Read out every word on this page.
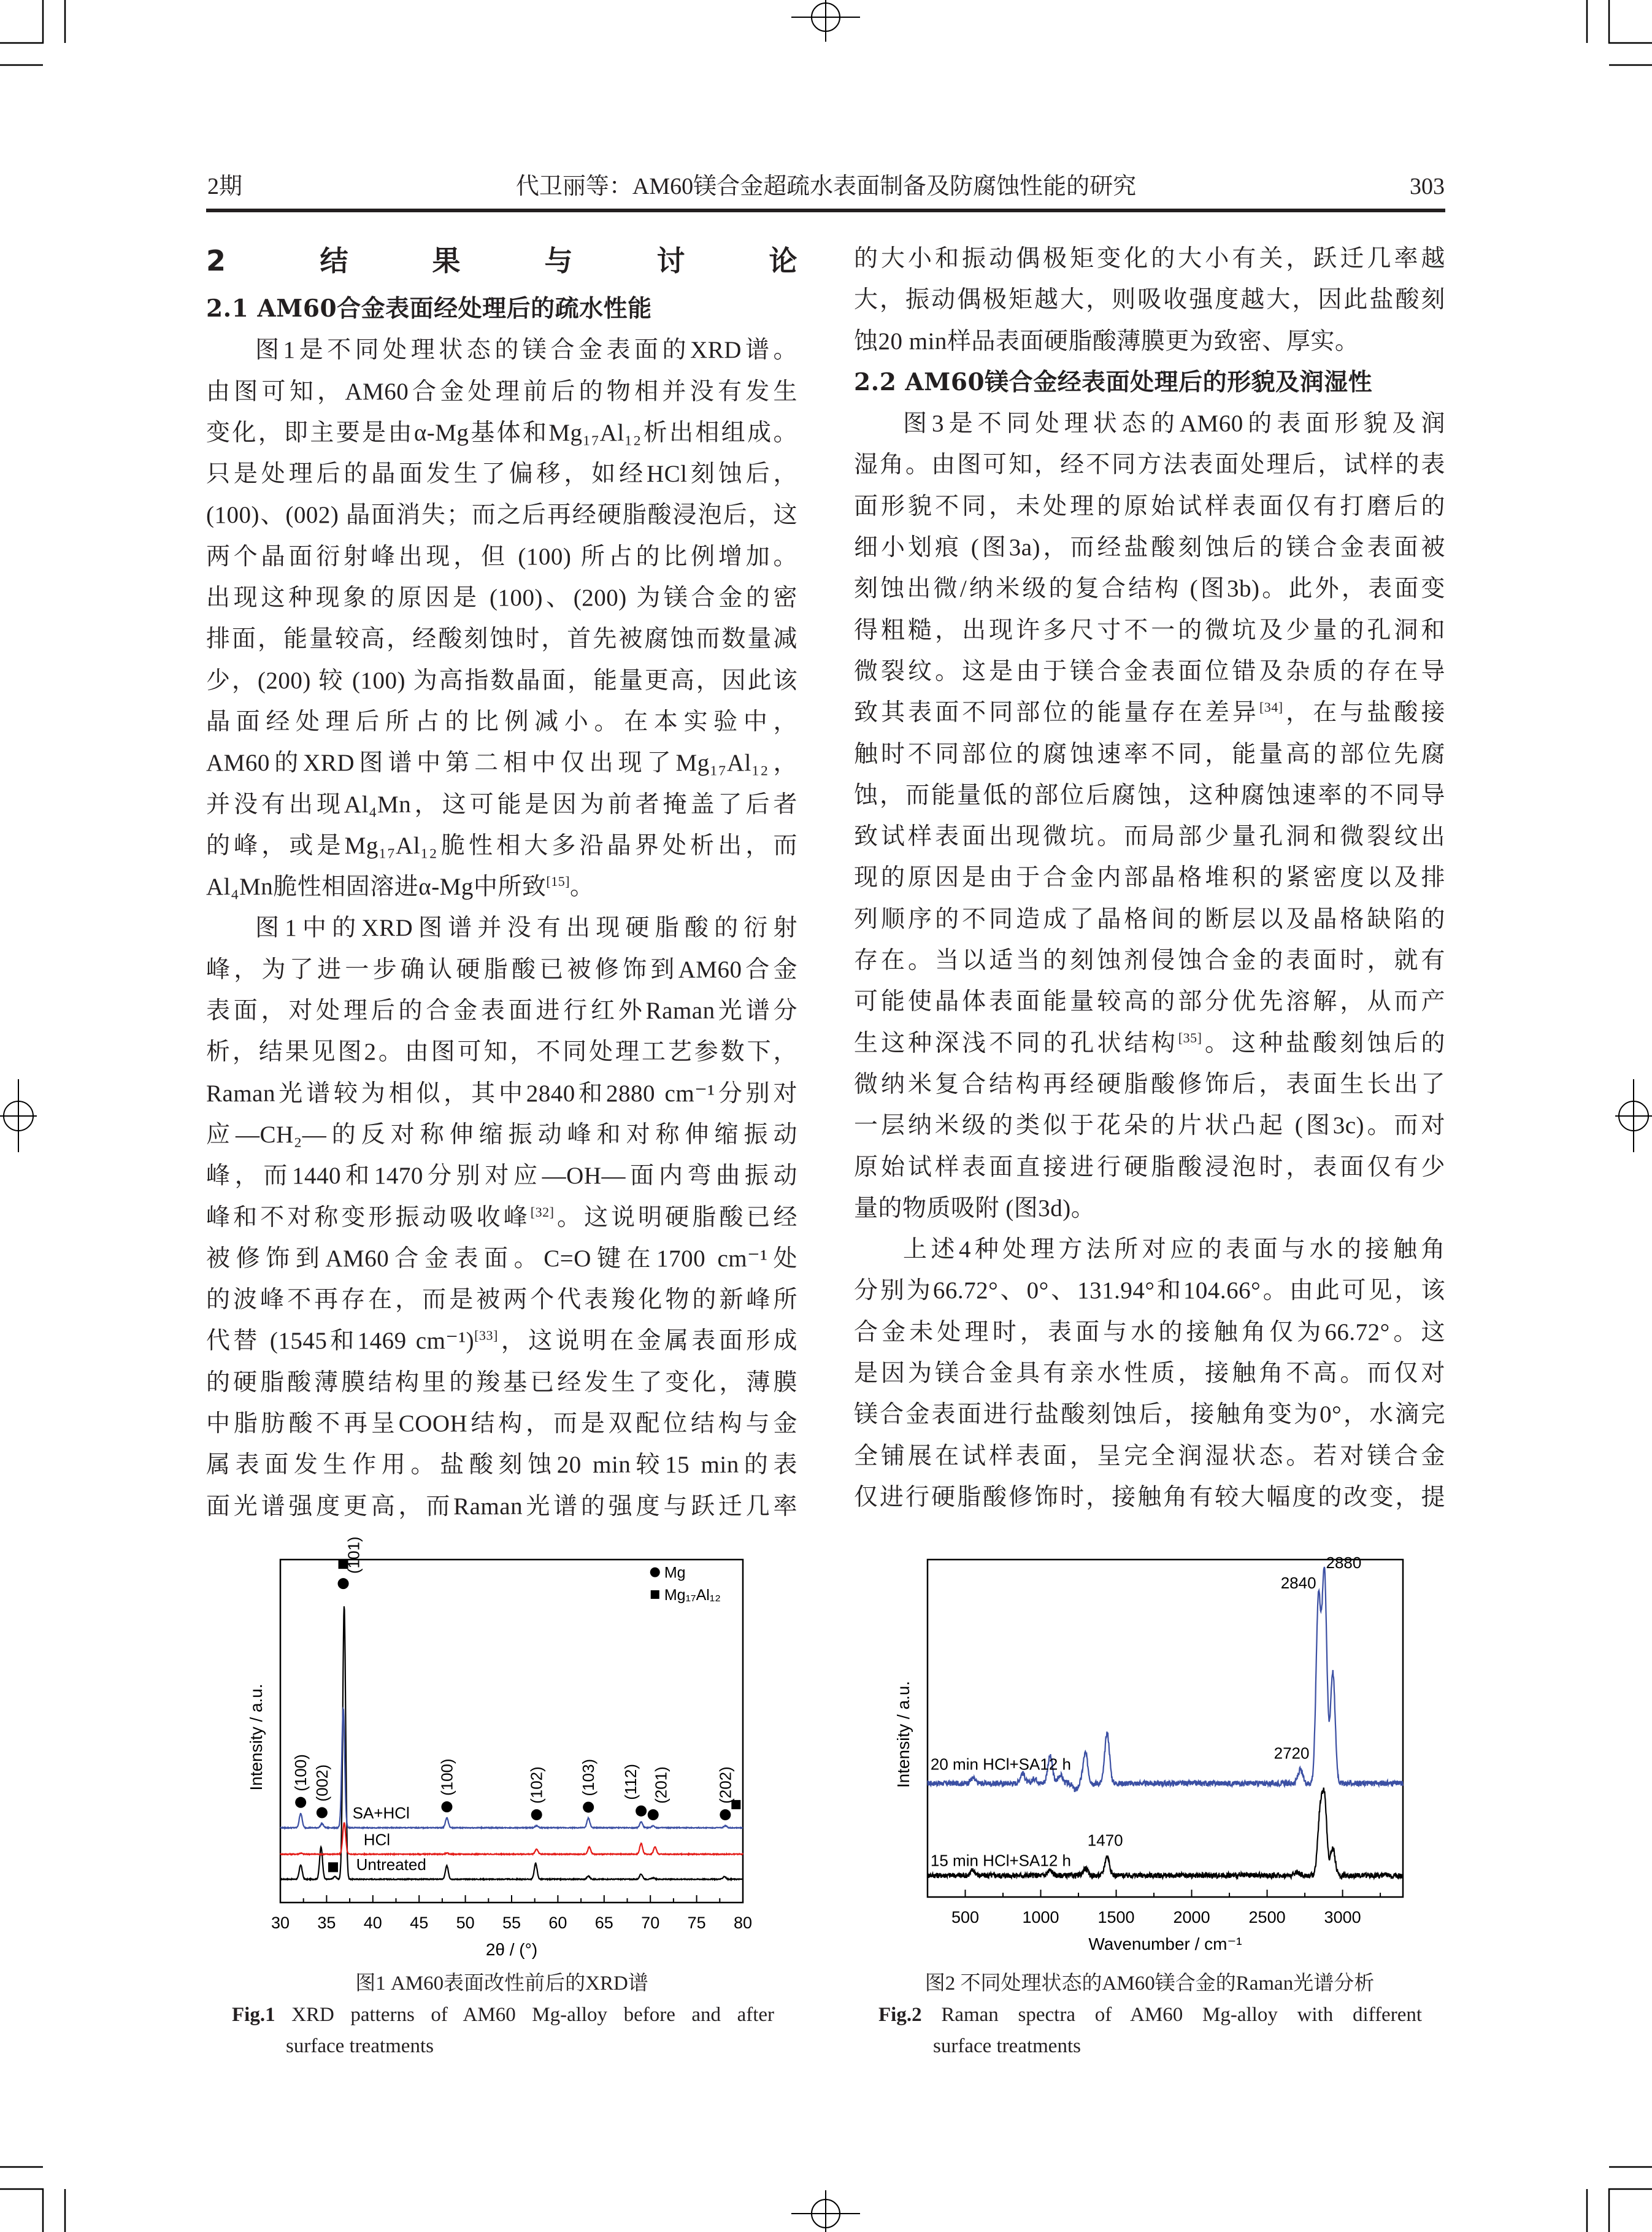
2期	代卫丽等：AM60镁合金超疏水表面制备及防腐蚀性能的研究	303
2 结果与讨论
2.1 AM60合金表面经处理后的疏水性能
图1是不同处理状态的镁合金表面的XRD谱。
由图可知，AM60合金处理前后的物相并没有发生
变化，即主要是由α-Mg基体和Mg₁₇Al₁₂析出相组成。
只是处理后的晶面发生了偏移，如经HCl刻蚀后，
(100)、(002) 晶面消失；而之后再经硬脂酸浸泡后，这
两个晶面衍射峰出现，但 (100) 所占的比例增加。
出现这种现象的原因是 (100)、(200) 为镁合金的密
排面，能量较高，经酸刻蚀时，首先被腐蚀而数量减
少，(200) 较 (100) 为高指数晶面，能量更高，因此该
晶面经处理后所占的比例减小。在本实验中，
AM60的XRD图谱中第二相中仅出现了Mg₁₇Al₁₂，
并没有出现Al₄Mn，这可能是因为前者掩盖了后者
的峰，或是Mg₁₇Al₁₂脆性相大多沿晶界处析出，而
Al₄Mn脆性相固溶进α-Mg中所致[15]。
图1中的XRD图谱并没有出现硬脂酸的衍射
峰，为了进一步确认硬脂酸已被修饰到AM60合金
表面，对处理后的合金表面进行红外Raman光谱分
析，结果见图2。由图可知，不同处理工艺参数下，
Raman光谱较为相似，其中2840和2880 cm⁻¹分别对
应—CH₂—的反对称伸缩振动峰和对称伸缩振动
峰，而1440和1470分别对应—OH—面内弯曲振动
峰和不对称变形振动吸收峰[32]。这说明硬脂酸已经
被修饰到AM60合金表面。C=O键在1700 cm⁻¹处
的波峰不再存在，而是被两个代表羧化物的新峰所
代替 (1545和1469 cm⁻¹)[33]，这说明在金属表面形成
的硬脂酸薄膜结构里的羧基已经发生了变化，薄膜
中脂肪酸不再呈COOH结构，而是双配位结构与金
属表面发生作用。盐酸刻蚀20 min较15 min的表
面光谱强度更高，而Raman光谱的强度与跃迁几率
的大小和振动偶极矩变化的大小有关，跃迁几率越
大，振动偶极矩越大，则吸收强度越大，因此盐酸刻
蚀20 min样品表面硬脂酸薄膜更为致密、厚实。
2.2 AM60镁合金经表面处理后的形貌及润湿性
图3是不同处理状态的AM60的表面形貌及润
湿角。由图可知，经不同方法表面处理后，试样的表
面形貌不同，未处理的原始试样表面仅有打磨后的
细小划痕 (图3a)，而经盐酸刻蚀后的镁合金表面被
刻蚀出微/纳米级的复合结构 (图3b)。此外，表面变
得粗糙，出现许多尺寸不一的微坑及少量的孔洞和
微裂纹。这是由于镁合金表面位错及杂质的存在导
致其表面不同部位的能量存在差异[34]，在与盐酸接
触时不同部位的腐蚀速率不同，能量高的部位先腐
蚀，而能量低的部位后腐蚀，这种腐蚀速率的不同导
致试样表面出现微坑。而局部少量孔洞和微裂纹出
现的原因是由于合金内部晶格堆积的紧密度以及排
列顺序的不同造成了晶格间的断层以及晶格缺陷的
存在。当以适当的刻蚀剂侵蚀合金的表面时，就有
可能使晶体表面能量较高的部分优先溶解，从而产
生这种深浅不同的孔状结构[35]。这种盐酸刻蚀后的
微纳米复合结构再经硬脂酸修饰后，表面生长出了
一层纳米级的类似于花朵的片状凸起 (图3c)。而对
原始试样表面直接进行硬脂酸浸泡时，表面仅有少
量的物质吸附 (图3d)。
上述4种处理方法所对应的表面与水的接触角
分别为66.72°、0°、131.94°和104.66°。由此可见，该
合金未处理时，表面与水的接触角仅为66.72°。这
是因为镁合金具有亲水性质，接触角不高。而仅对
镁合金表面进行盐酸刻蚀后，接触角变为0°，水滴完
全铺展在试样表面，呈完全润湿状态。若对镁合金
仅进行硬脂酸修饰时，接触角有较大幅度的改变，提
30 35 40 45 50 55 60 65 70 75 80
2θ / (°)
Intensity / a.u.
Untreated
HCl
SA+HCl
(100) (002)
(101)
(100)	(102) (103) (112) (201)	(202)
Mg
Mg₁₇Al₁₂
图1 AM60表面改性前后的XRD谱
Fig.1 XRD patterns of AM60 Mg-alloy before and after
surface treatments
500	1000 1500 2000 2500 3000
Wavenumber / cm⁻¹
Intensity / a.u. 20 min HCl+SA12 h
15 min HCl+SA12 h
2880
2840
2720
1470
图2 不同处理状态的AM60镁合金的Raman光谱分析
Fig.2 Raman spectra of AM60 Mg-alloy with different
surface treatments
